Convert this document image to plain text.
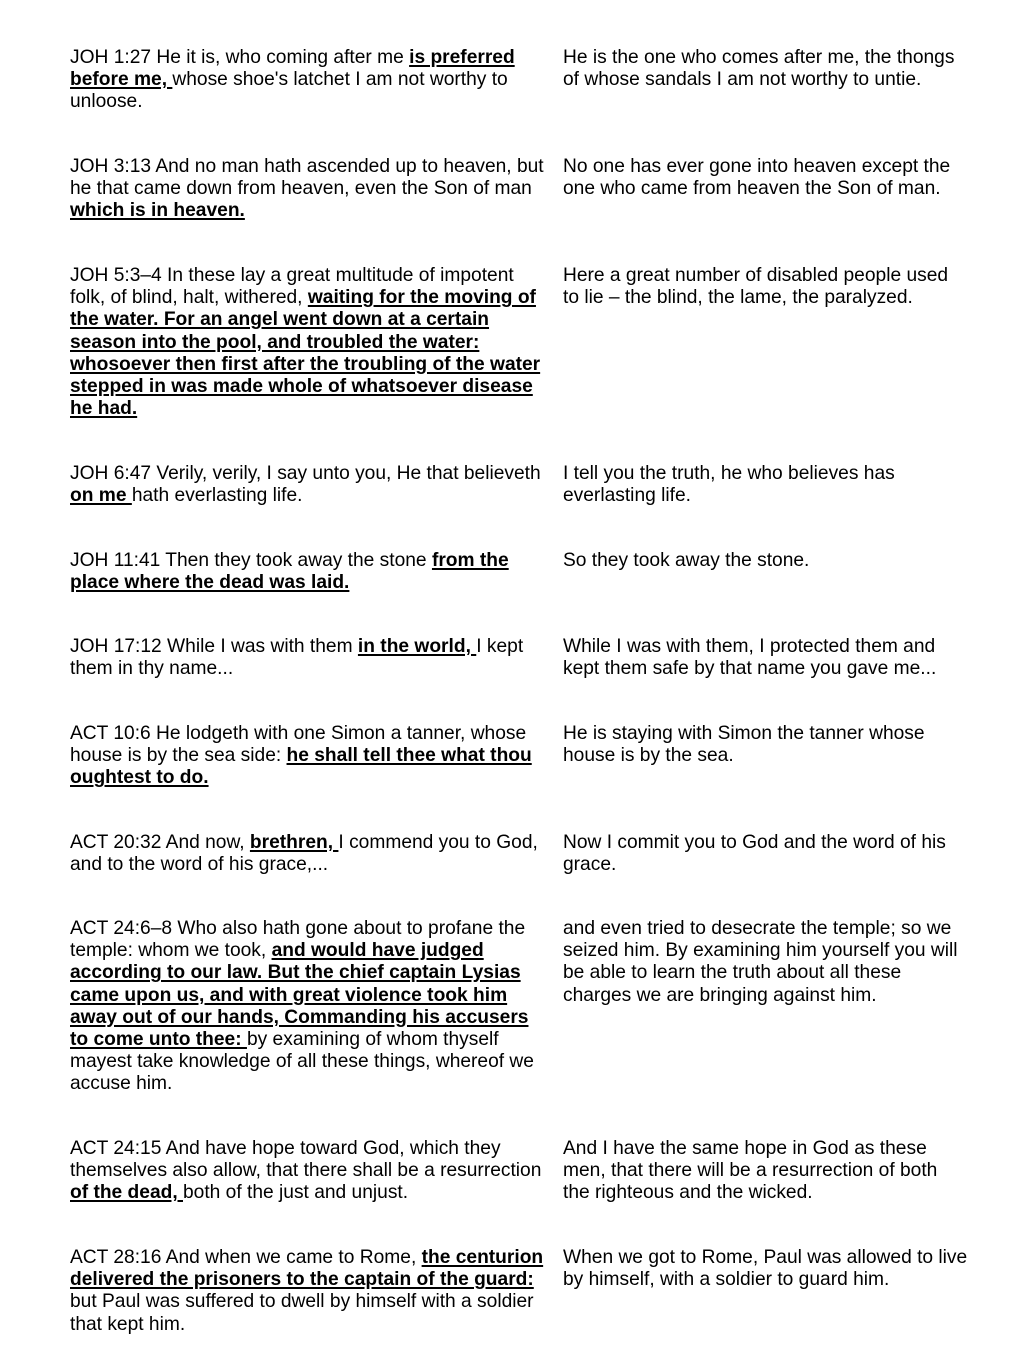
JOH 1:27 He it is, who coming after me is preferred before me, whose shoe's latchet I am not worthy to unloose.
He is the one who comes after me, the thongs of whose sandals I am not worthy to untie.
JOH 3:13 And no man hath ascended up to heaven, but he that came down from heaven, even the Son of man which is in heaven.
No one has ever gone into heaven except the one who came from heaven the Son of man.
JOH 5:3–4 In these lay a great multitude of impotent folk, of blind, halt, withered, waiting for the moving of the water. For an angel went down at a certain season into the pool, and troubled the water: whosoever then first after the troubling of the water stepped in was made whole of whatsoever disease he had.
Here a great number of disabled people used to lie – the blind, the lame, the paralyzed.
JOH 6:47 Verily, verily, I say unto you, He that believeth on me hath everlasting life.
I tell you the truth, he who believes has everlasting life.
JOH 11:41 Then they took away the stone from the place where the dead was laid.
So they took away the stone.
JOH 17:12 While I was with them in the world, I kept them in thy name...
While I was with them, I protected them and kept them safe by that name you gave me...
ACT 10:6 He lodgeth with one Simon a tanner, whose house is by the sea side: he shall tell thee what thou oughtest to do.
He is staying with Simon the tanner whose house is by the sea.
ACT 20:32 And now, brethren, I commend you to God, and to the word of his grace,...
Now I commit you to God and the word of his grace.
ACT 24:6–8 Who also hath gone about to profane the temple: whom we took, and would have judged according to our law. But the chief captain Lysias came upon us, and with great violence took him away out of our hands, Commanding his accusers to come unto thee: by examining of whom thyself mayest take knowledge of all these things, whereof we accuse him.
and even tried to desecrate the temple; so we seized him. By examining him yourself you will be able to learn the truth about all these charges we are bringing against him.
ACT 24:15 And have hope toward God, which they themselves also allow, that there shall be a resurrection of the dead, both of the just and unjust.
And I have the same hope in God as these men, that there will be a resurrection of both the righteous and the wicked.
ACT 28:16 And when we came to Rome, the centurion delivered the prisoners to the captain of the guard: but Paul was suffered to dwell by himself with a soldier that kept him.
When we got to Rome, Paul was allowed to live by himself, with a soldier to guard him.
